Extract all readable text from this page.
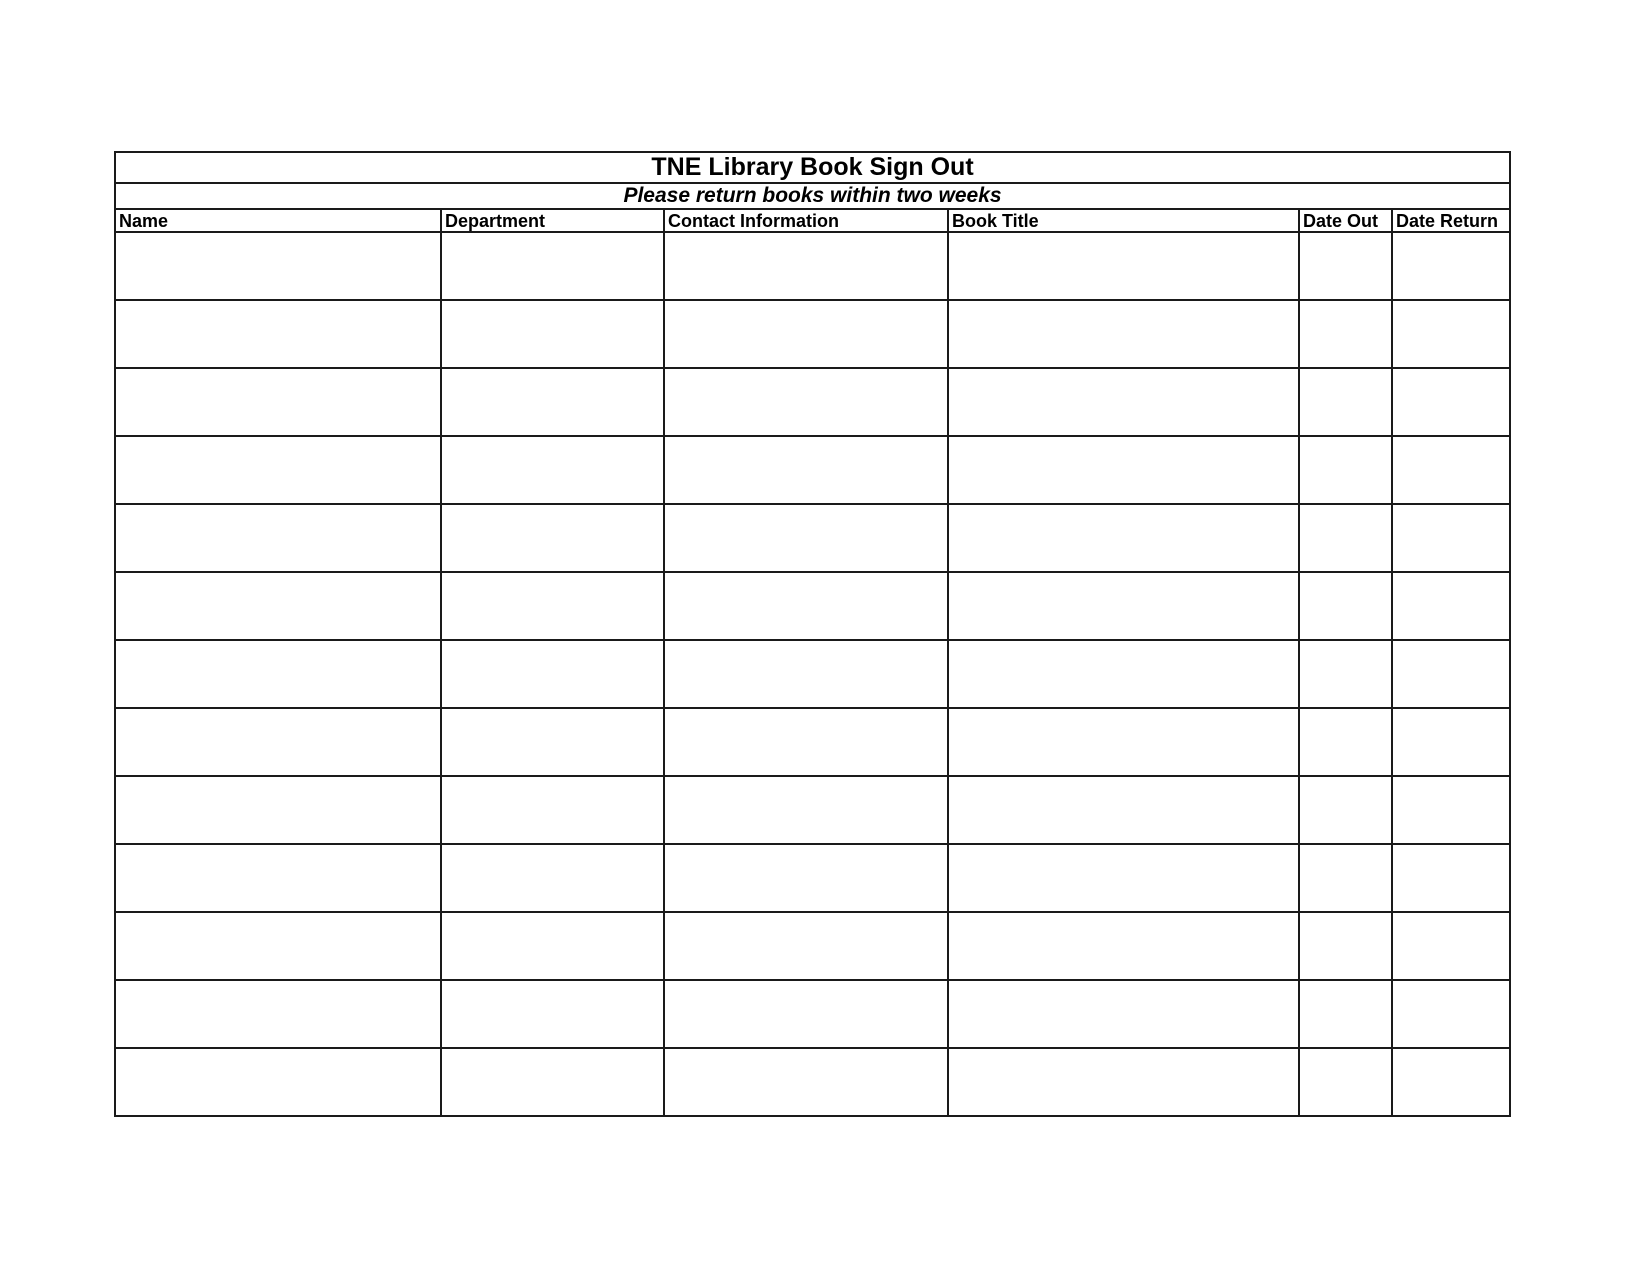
TNE Library Book Sign Out					
Please return books within two weeks					
Name	Department	Contact Information	Book Title	Date Out	Date Return
